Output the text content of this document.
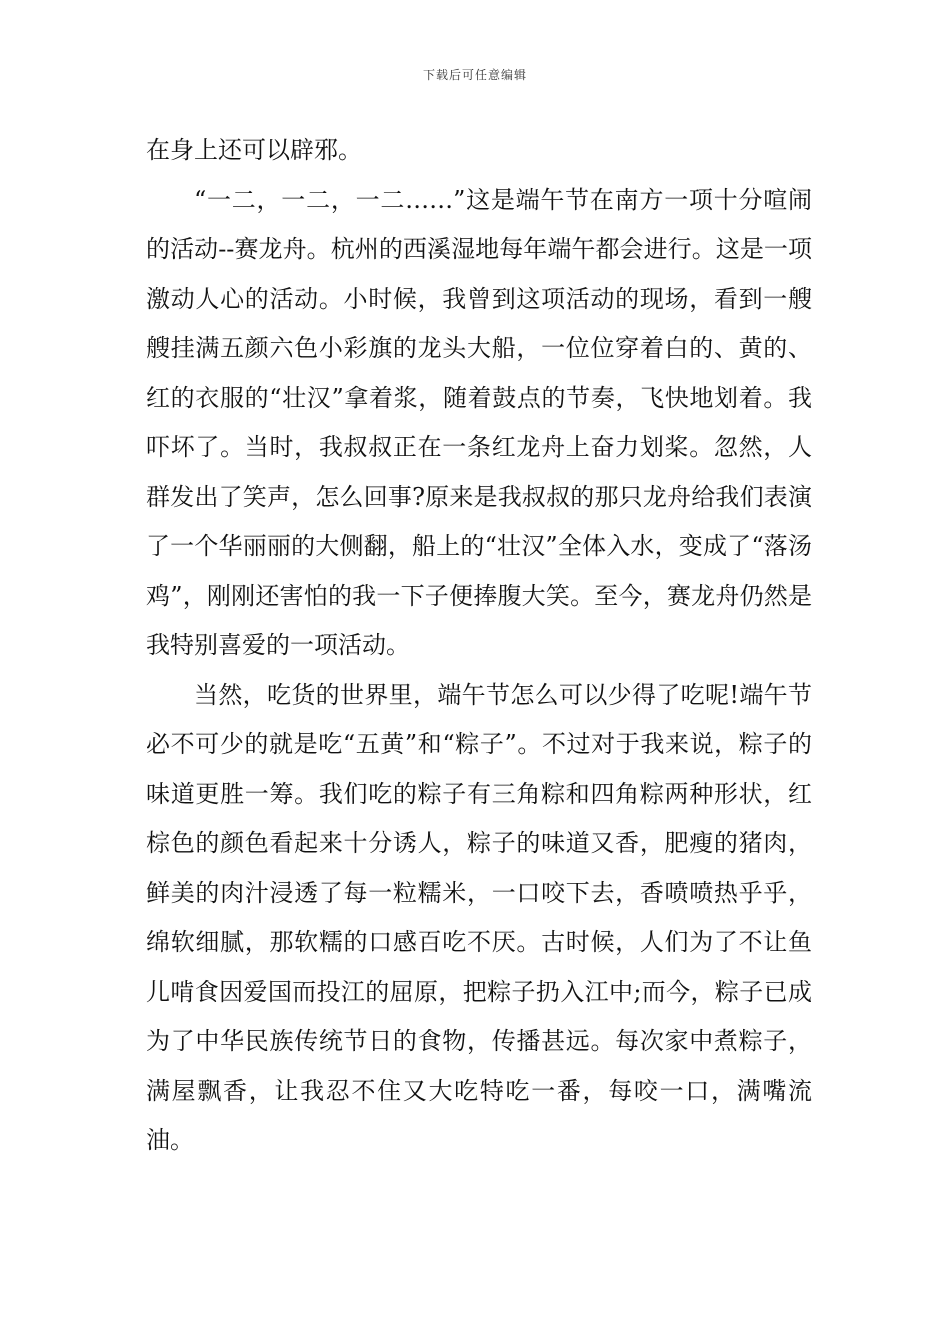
下载后可任意编辑

在身上还可以辟邪。

“一二，一二，一二……”这是端午节在南方一项十分喧闹的活动--赛龙舟。杭州的西溪湿地每年端午都会进行。这是一项激动人心的活动。小时候，我曾到这项活动的现场，看到一艘艘挂满五颜六色小彩旗的龙头大船，一位位穿着白的、黄的、红的衣服的“壮汉”拿着浆，随着鼓点的节奏，飞快地划着。我吓坏了。当时，我叔叔正在一条红龙舟上奋力划桨。忽然，人群发出了笑声，怎么回事?原来是我叔叔的那只龙舟给我们表演了一个华丽丽的大侧翻，船上的“壮汉”全体入水，变成了“落汤鸡”，刚刚还害怕的我一下子便捧腹大笑。至今，赛龙舟仍然是我特别喜爱的一项活动。

当然，吃货的世界里，端午节怎么可以少得了吃呢!端午节必不可少的就是吃“五黄”和“粽子”。不过对于我来说，粽子的味道更胜一筹。我们吃的粽子有三角粽和四角粽两种形状，红棕色的颜色看起来十分诱人，粽子的味道又香，肥瘦的猪肉，鲜美的肉汁浸透了每一粒糯米，一口咬下去，香喷喷热乎乎，绵软细腻，那软糯的口感百吃不厌。古时候，人们为了不让鱼儿啃食因爱国而投江的屈原，把粽子扔入江中;而今，粽子已成为了中华民族传统节日的食物，传播甚远。每次家中煮粽子，满屋飘香，让我忍不住又大吃特吃一番，每咬一口，满嘴流油。
